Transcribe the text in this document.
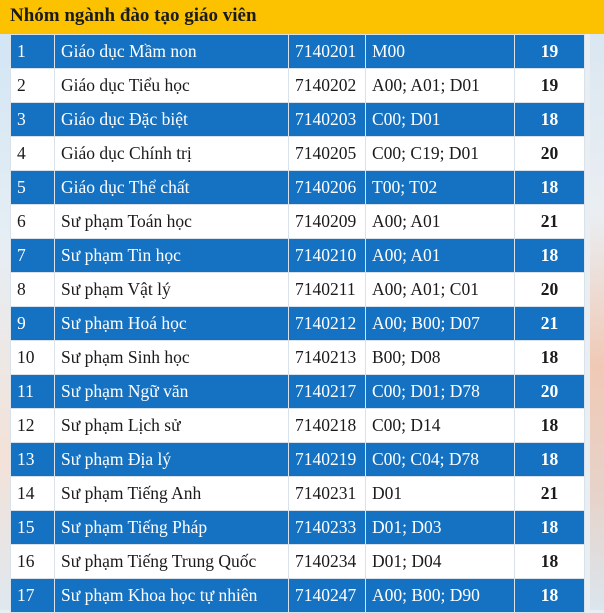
Nhóm ngành đào tạo giáo viên
1	Giáo dục Mầm non	7140201	M00	19
2	Giáo dục Tiểu học	7140202	A00; A01; D01	19
3	Giáo dục Đặc biệt	7140203	C00; D01	18
4	Giáo dục Chính trị	7140205	C00; C19; D01	20
5	Giáo dục Thể chất	7140206	T00; T02	18
6	Sư phạm Toán học	7140209	A00; A01	21
7	Sư phạm Tin học	7140210	A00; A01	18
8	Sư phạm Vật lý	7140211	A00; A01; C01	20
9	Sư phạm Hoá học	7140212	A00; B00; D07	21
10	Sư phạm Sinh học	7140213	B00; D08	18
11	Sư phạm Ngữ văn	7140217	C00; D01; D78	20
12	Sư phạm Lịch sử	7140218	C00; D14	18
13	Sư phạm Địa lý	7140219	C00; C04; D78	18
14	Sư phạm Tiếng Anh	7140231	D01	21
15	Sư phạm Tiếng Pháp	7140233	D01; D03	18
16	Sư phạm Tiếng Trung Quốc	7140234	D01; D04	18
17	Sư phạm Khoa học tự nhiên	7140247	A00; B00; D90	18
